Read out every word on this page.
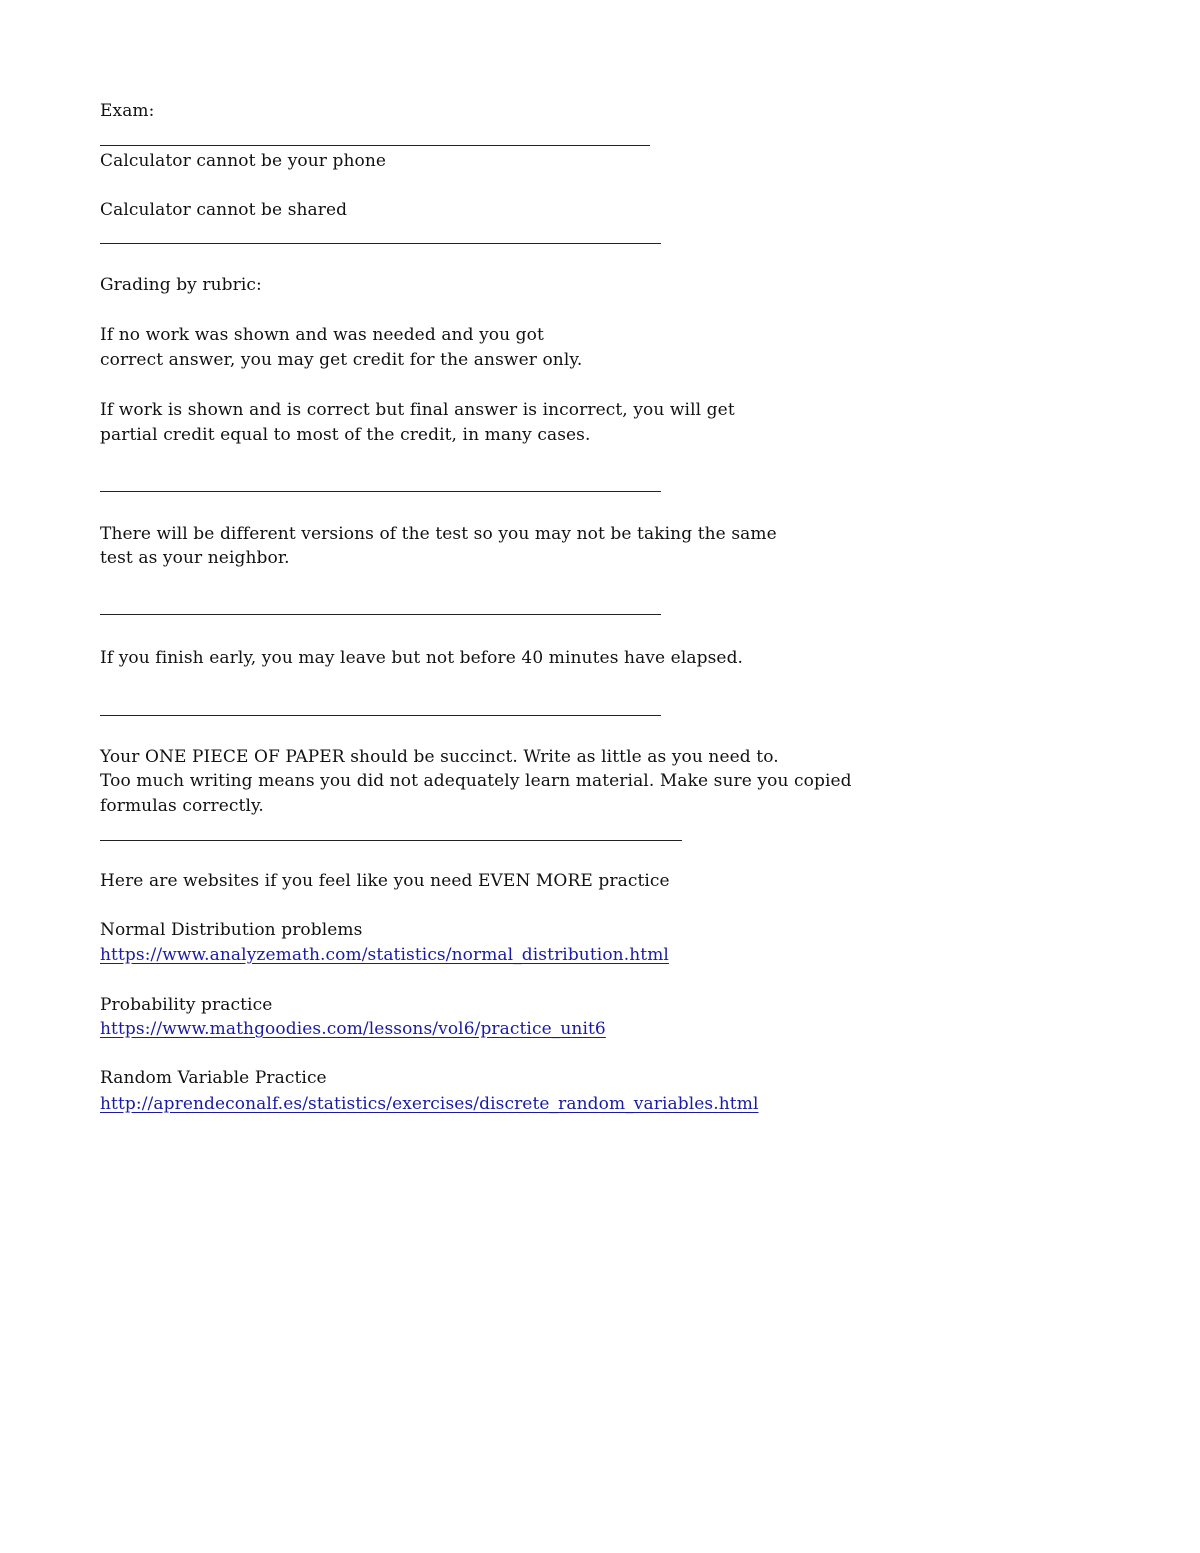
Exam:
Calculator cannot be your phone
Calculator cannot be shared
Grading by rubric:
If no work was shown and was needed and you got
correct answer, you may get credit for the answer only.
If work is shown and is correct but final answer is incorrect, you will get
partial credit equal to most of the credit, in many cases.
There will be different versions of the test so you may not be taking the same
test as your neighbor.
If you finish early, you may leave but not before 40 minutes have elapsed.
Your ONE PIECE OF PAPER should be succinct. Write as little as you need to.
Too much writing means you did not adequately learn material. Make sure you copied
formulas correctly.
Here are websites if you feel like you need EVEN MORE practice
Normal Distribution problems
https://www.analyzemath.com/statistics/normal_distribution.html
Probability practice
https://www.mathgoodies.com/lessons/vol6/practice_unit6
Random Variable Practice
http://aprendeconalf.es/statistics/exercises/discrete_random_variables.html
